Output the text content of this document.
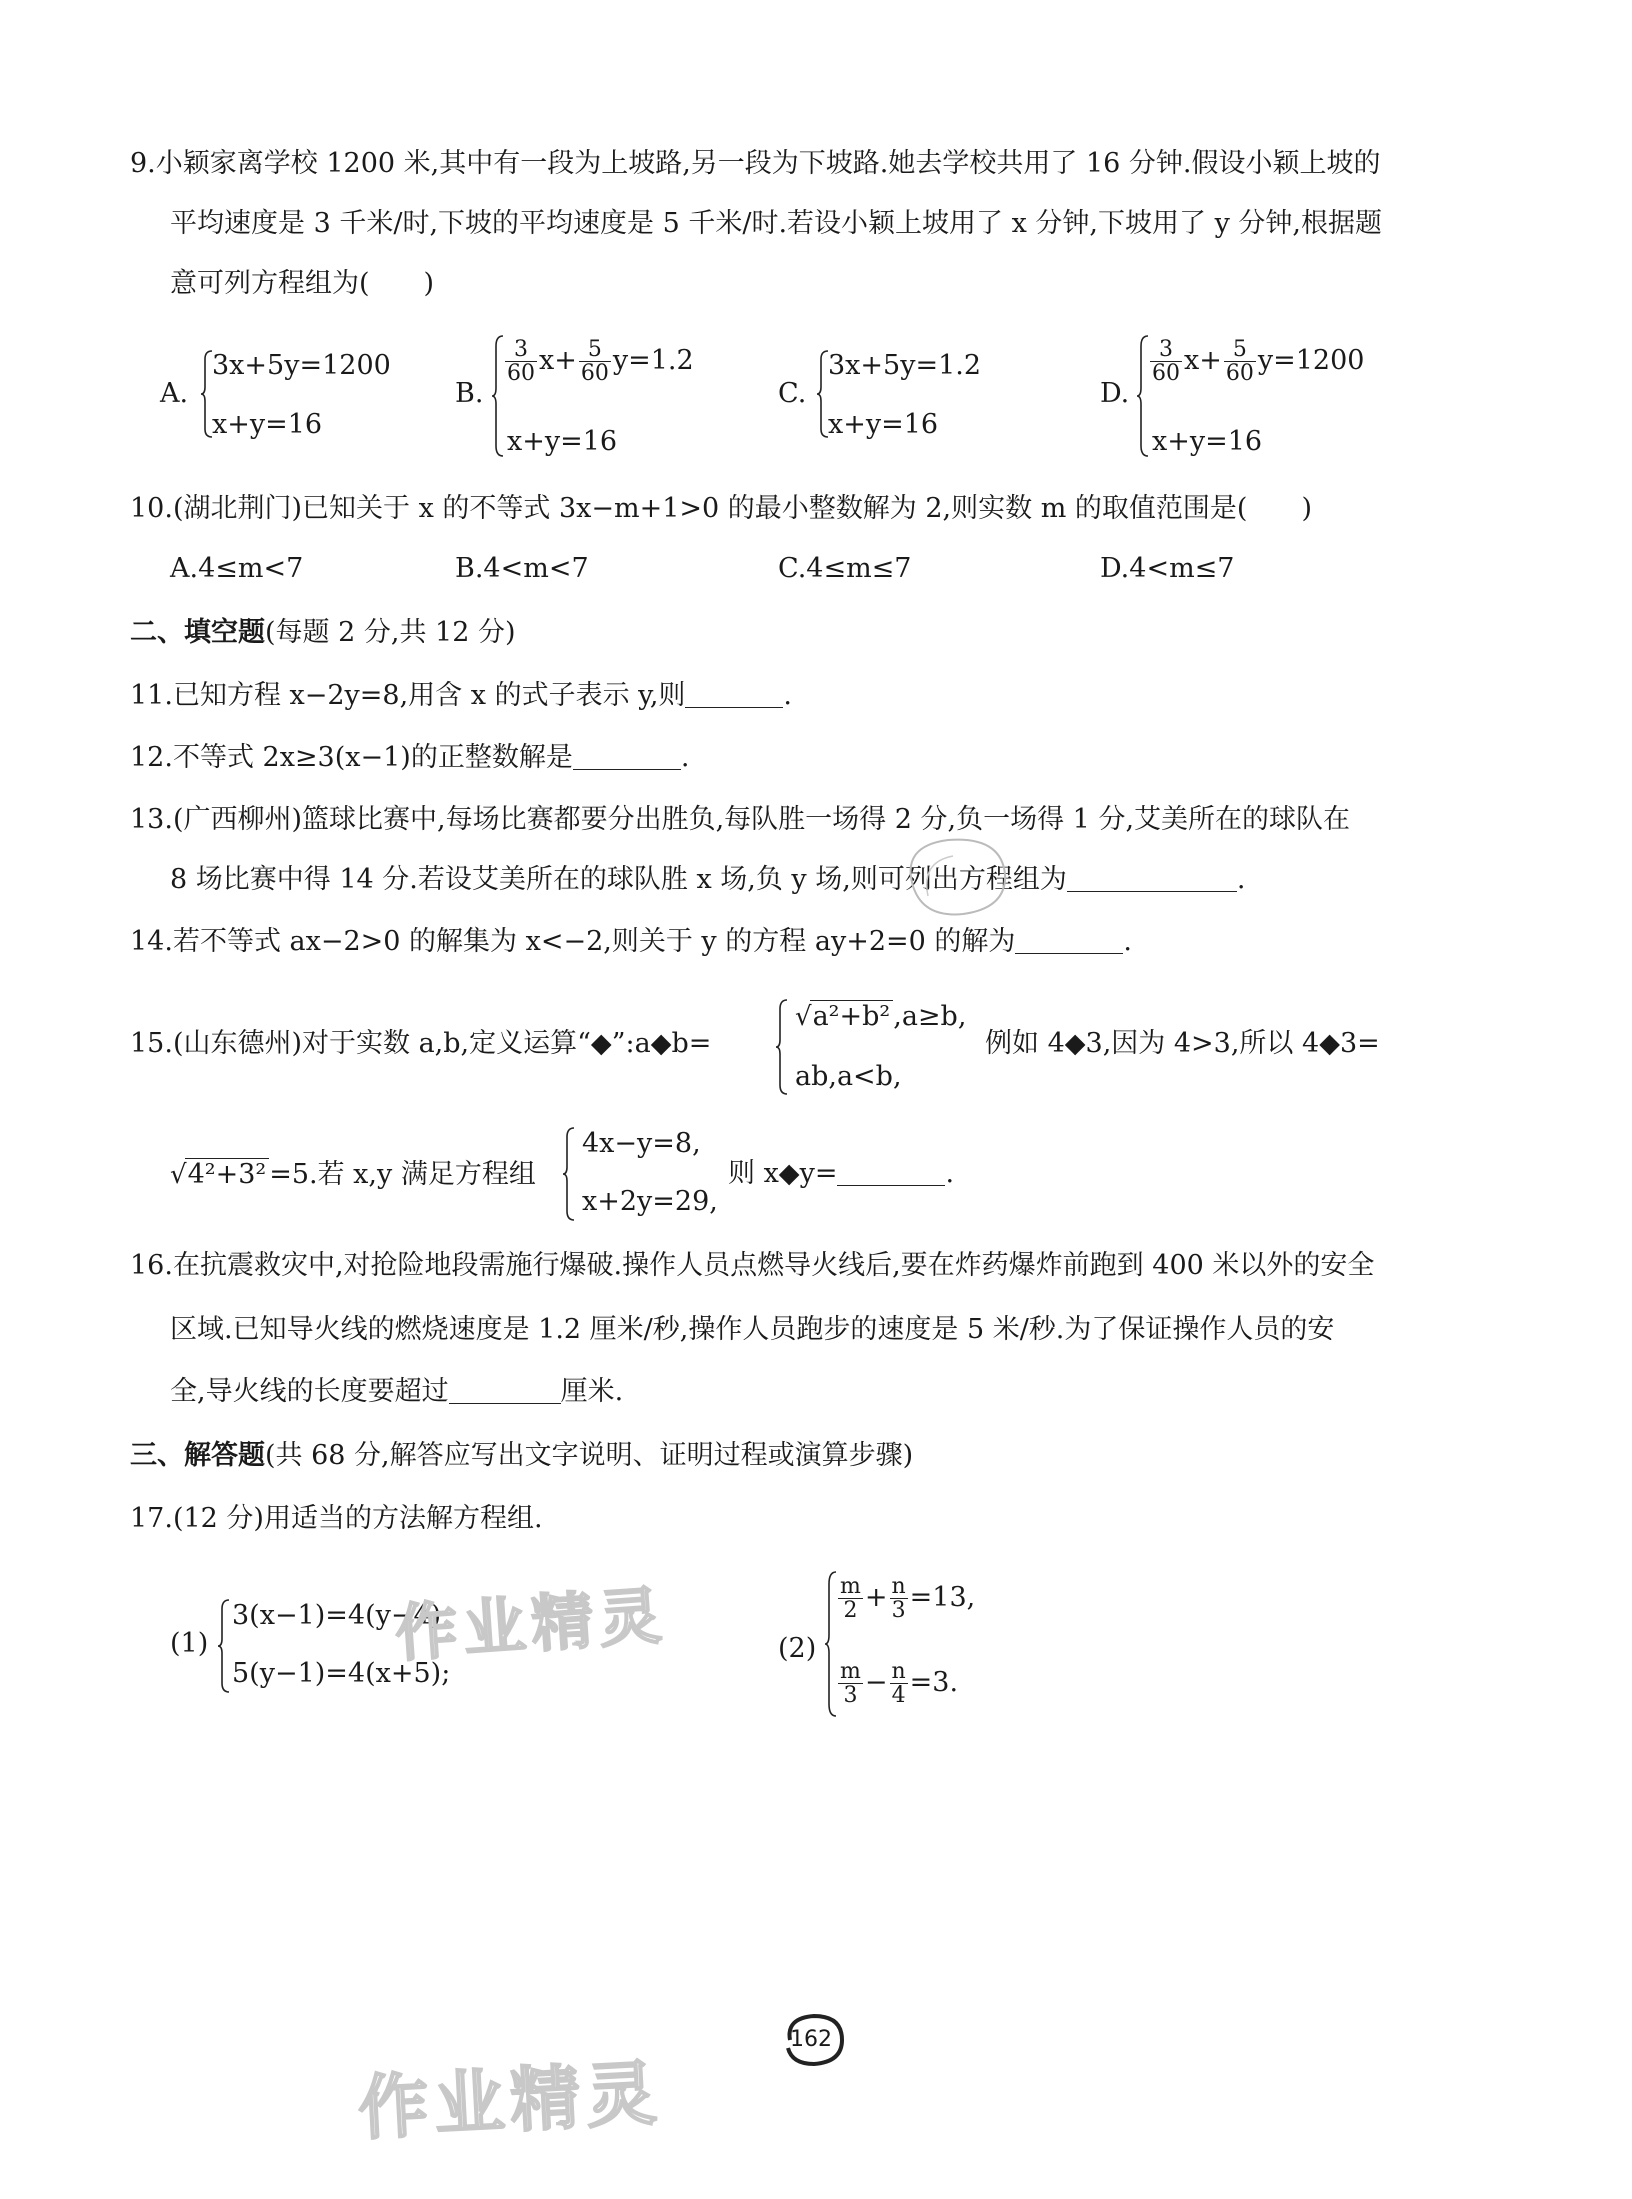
9.小颖家离学校 1200 米,其中有一段为上坡路,另一段为下坡路.她去学校共用了 16 分钟.假设小颖上坡的
平均速度是 3 千米/时,下坡的平均速度是 5 千米/时.若设小颖上坡用了 x 分钟,下坡用了 y 分钟,根据题
意可列方程组为(　　)
A.
3x+5y=1200
x+y=16
B.
$\frac{3}{60} x+ \frac{5}{60} y=1.2$
x+y=16
C.
3x+5y=1.2
x+y=16
D.
$\frac{3}{60} x+ \frac{5}{60} y=1200$
x+y=16
10.(湖北荆门)已知关于 x 的不等式 3x−m+1>0 的最小整数解为 2,则实数 m 的取值范围是(　　)
A.4≤m<7	B.4<m<7	C.4≤m≤7	D.4<m≤7
二、填空题(每题 2 分,共 12 分)
11.已知方程 x−2y=8,用含 x 的式子表示 y,则	.
12.不等式 2x≥3(x−1)的正整数解是	.
13.(广西柳州)篮球比赛中,每场比赛都要分出胜负,每队胜一场得 2 分,负一场得 1 分,艾美所在的球队在
8 场比赛中得 14 分.若设艾美所在的球队胜 x 场,负 y 场,则可列出方程组为	.
14.若不等式 ax−2>0 的解集为 x<−2,则关于 y 的方程 ay+2=0 的解为	.
15.(山东德州)对于实数 a,b,定义运算“◆”:a◆b=
√a²+b² ,a≥b,
ab,a<b,
例如 4◆3,因为 4>3,所以 4◆3=
√4²+3² =5.若 x,y 满足方程组
4x−y=8,
x+2y=29,
则 x◆y=	.
16.在抗震救灾中,对抢险地段需施行爆破.操作人员点燃导火线后,要在炸药爆炸前跑到 400 米以外的安全
区域.已知导火线的燃烧速度是 1.2 厘米/秒,操作人员跑步的速度是 5 米/秒.为了保证操作人员的安
全,导火线的长度要超过	厘米.
三、解答题(共 68 分,解答应写出文字说明、证明过程或演算步骤)
17.(12 分)用适当的方法解方程组.
(1)
3(x−1)=4(y−4),
5(y−1)=4(x+5);
(2)
$\frac{m}{2} + \frac{n}{3} =13$,
$\frac{m}{3} - \frac{n}{4} =3$.
作业精灵
作业精灵
162
